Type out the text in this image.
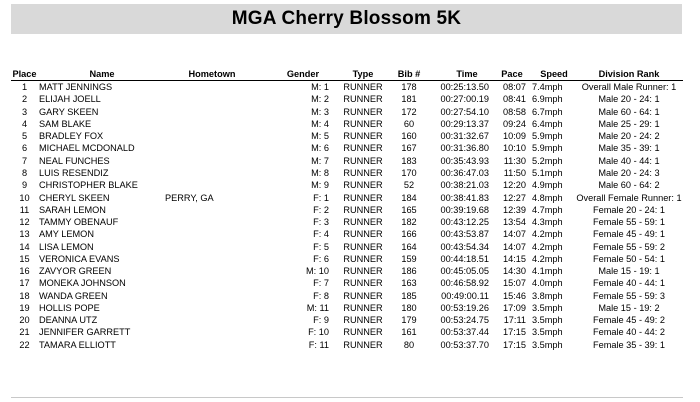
MGA Cherry Blossom 5K
Place	Name	Hometown	Gender	Type	Bib #	Time	Pace	Speed	Division Rank
1	MATT JENNINGS		M: 1	RUNNER	178	00:25:13.50	08:07	7.4mph	Overall Male Runner: 1
2	ELIJAH JOELL		M: 2	RUNNER	181	00:27:00.19	08:41	6.9mph	Male 20 - 24: 1
3	GARY SKEEN		M: 3	RUNNER	172	00:27:54.10	08:58	6.7mph	Male 60 - 64: 1
4	SAM BLAKE		M: 4	RUNNER	60	00:29:13.37	09:24	6.4mph	Male 25 - 29: 1
5	BRADLEY FOX		M: 5	RUNNER	160	00:31:32.67	10:09	5.9mph	Male 20 - 24: 2
6	MICHAEL MCDONALD		M: 6	RUNNER	167	00:31:36.80	10:10	5.9mph	Male 35 - 39: 1
7	NEAL FUNCHES		M: 7	RUNNER	183	00:35:43.93	11:30	5.2mph	Male 40 - 44: 1
8	LUIS RESENDIZ		M: 8	RUNNER	170	00:36:47.03	11:50	5.1mph	Male 20 - 24: 3
9	CHRISTOPHER BLAKE		M: 9	RUNNER	52	00:38:21.03	12:20	4.9mph	Male 60 - 64: 2
10	CHERYL SKEEN	PERRY, GA	F: 1	RUNNER	184	00:38:41.83	12:27	4.8mph	Overall Female Runner: 1
11	SARAH LEMON		F: 2	RUNNER	165	00:39:19.68	12:39	4.7mph	Female 20 - 24: 1
12	TAMMY OBENAUF		F: 3	RUNNER	182	00:43:12.25	13:54	4.3mph	Female 55 - 59: 1
13	AMY LEMON		F: 4	RUNNER	166	00:43:53.87	14:07	4.2mph	Female 45 - 49: 1
14	LISA LEMON		F: 5	RUNNER	164	00:43:54.34	14:07	4.2mph	Female 55 - 59: 2
15	VERONICA EVANS		F: 6	RUNNER	159	00:44:18.51	14:15	4.2mph	Female 50 - 54: 1
16	ZAVYOR GREEN		M: 10	RUNNER	186	00:45:05.05	14:30	4.1mph	Male 15 - 19: 1
17	MONEKA JOHNSON		F: 7	RUNNER	163	00:46:58.92	15:07	4.0mph	Female 40 - 44: 1
18	WANDA GREEN		F: 8	RUNNER	185	00:49:00.11	15:46	3.8mph	Female 55 - 59: 3
19	HOLLIS POPE		M: 11	RUNNER	180	00:53:19.26	17:09	3.5mph	Male 15 - 19: 2
20	DEANNA UTZ		F: 9	RUNNER	179	00:53:24.75	17:11	3.5mph	Female 45 - 49: 2
21	JENNIFER GARRETT		F: 10	RUNNER	161	00:53:37.44	17:15	3.5mph	Female 40 - 44: 2
22	TAMARA ELLIOTT		F: 11	RUNNER	80	00:53:37.70	17:15	3.5mph	Female 35 - 39: 1
